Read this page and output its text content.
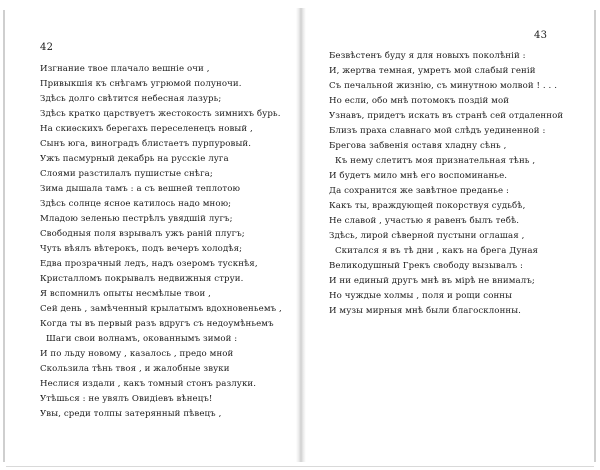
42
Изгнание твое плачало вешнiе очи ,
Привыкшiя къ снѣгамъ угрюмой полуночи.
Здѣсь долго свѣтится небесная лазурь;
Здѣсь кратко царствуетъ жестокость зимнихъ бурь.
На скиѳскихъ берегахъ переселенецъ новый ,
Сынъ юга, виноградъ блистаетъ пурпуровый.
Ужъ пасмурный декабрь на русскiе луга
Слоями разстилалъ пушистые снѣга;
Зима дышала тамъ : а съ вешней теплотою
Здѣсь солнце ясное катилось надо мною;
Младою зеленью пестрѣлъ увядшiй лугъ;
Свободныя поля взрывалъ ужъ ранiй плугъ;
Чуть вѣялъ вѣтерокъ, подъ вечеръ холодѣя;
Едва прозрачный ледъ, надъ озеромъ тускнѣя,
Кристалломъ покрывалъ недвижныя струи.
Я вспомнилъ опыты несмѣлые твои ,
Сей день , замѣченный крылатымъ вдохновеньемъ ,
Когда ты въ первый разъ вдругъ съ недоумѣньемъ
Шаги свои волнамъ, окованнымъ зимой :
И по льду новому , казалось , предо мной
Скользила тѣнь твоя , и жалобные звуки
Неслися издали , какъ томный стонъ разлуки.
Утѣшься : не увялъ Овидiевъ вѣнецъ!
Увы, среди толпы затерянный пѣвецъ ,
43
Безвѣстенъ буду я для новыхъ поколѣнiй :
И, жертва темная, умретъ мой слабый генiй
Съ печальной жизнiю, съ минутною молвой ! . . .
Но если, обо мнѣ потомокъ поздiй мой
Узнавъ, придетъ искать въ странѣ сей отдаленной
Близъ праха славнаго мой слѣдъ уединенной :
Брегова забвенiя оставя хладну сѣнь ,
Къ нему слетитъ моя признательная тѣнь ,
И будетъ мило мнѣ его воспоминанье.
Да сохранится же завѣтное преданье :
Какъ ты, враждующей покорствуя судьбѣ,
Не славой , участью я равенъ былъ тебѣ.
Здѣсь, лирой сѣверной пустыни оглашая ,
Скитался я въ тѣ дни , какъ на брега Дуная
Великодушный Грекъ свободу вызывалъ :
И ни единый другъ мнѣ въ мiрѣ не внималъ;
Но чуждые холмы , поля и рощи сонны
И музы мирныя мнѣ были благосклонны.
